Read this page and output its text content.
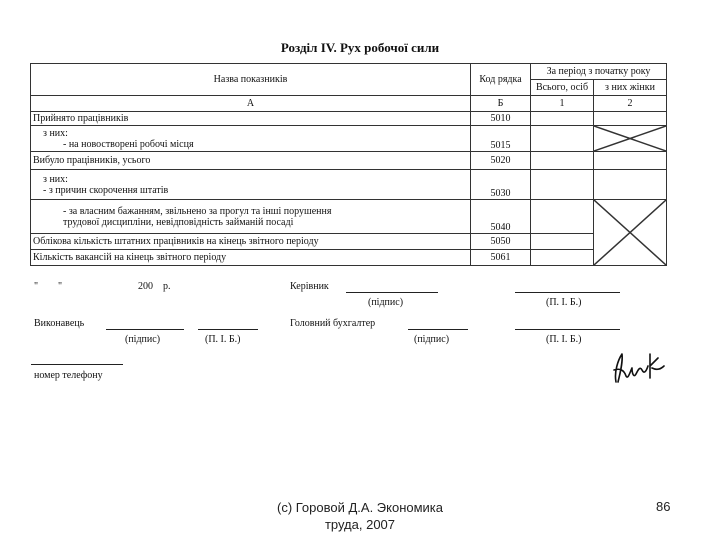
Розділ IV. Рух робочої сили
Назва показників	Код рядка	За період з початку року	
		Всього, осіб	з них жінки
А	Б	1	2
Прийнято працівників	5010		

з них:
- на новостворені робочі місця	5015		

Вибуло працівників, усього	5020		

з них:
- з причин скорочення штатів	5030		

- за власним бажанням, звільнено за прогул та інші порушення
трудової дисципліни, невідповідність займаній посаді	5040		

Облікова кількість штатних працівників на кінець звітного періоду	5050		
Кількість вакансій на кінець звітного періоду	5061		
" "	200 р.	Керівник
(підпис)	(П. І. Б.)
Виконавець	Головний бухгалтер
(підпис)	(П. І. Б.)	(підпис)	(П. І. Б.)
номер телефону
(c) Горовой Д.А. Экономика
труда, 2007
86
